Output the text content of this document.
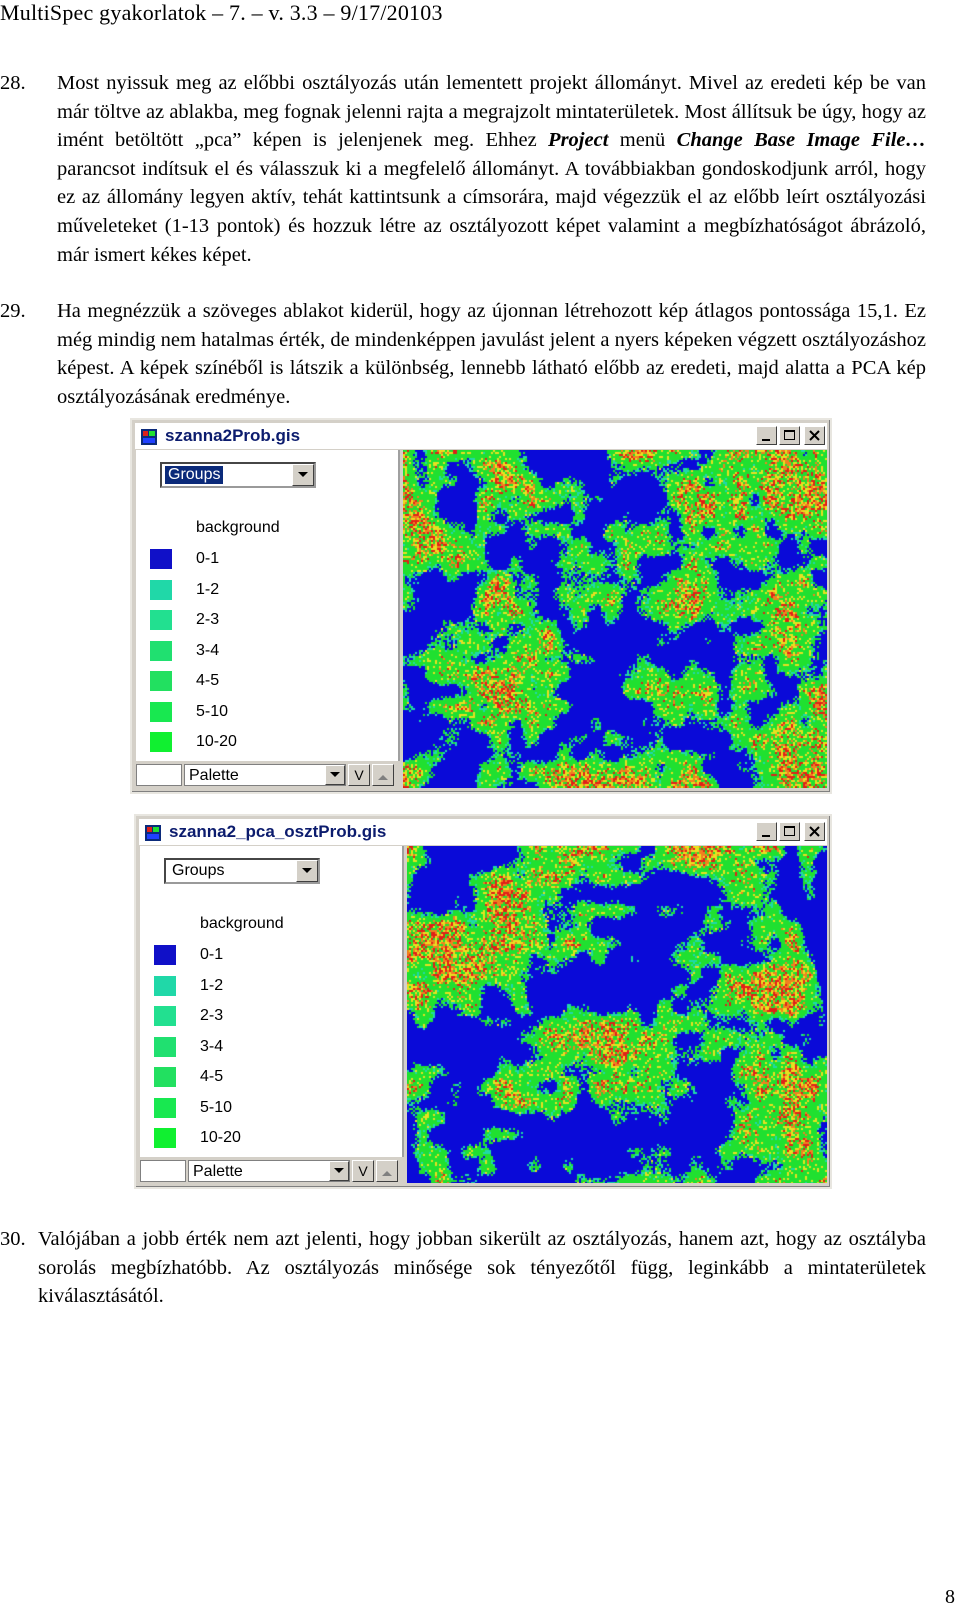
MultiSpec gyakorlatok – 7. – v. 3.3 – 9/17/20103
28. Most nyissuk meg az előbbi osztályozás után lementett projekt állományt. Mivel az eredeti kép be van már töltve az ablakba, meg fognak jelenni rajta a megrajzolt mintaterületek. Most állítsuk be úgy, hogy az imént betöltött „pca” képen is jelenjenek meg. Ehhez Project menü Change Base Image File… parancsot indítsuk el és válasszuk ki a megfelelő állományt. A továbbiakban gondoskodjunk arról, hogy ez az állomány legyen aktív, tehát kattintsunk a címsorára, majd végezzük el az előbb leírt osztályozási műveleteket (1-13 pontok) és hozzuk létre az osztályozott képet valamint a megbízhatóságot ábrázoló, már ismert kékes képet.
29. Ha megnézzük a szöveges ablakot kiderül, hogy az újonnan létrehozott kép átlagos pontossága 15,1. Ez még mindig nem hatalmas érték, de mindenképpen javulást jelent a nyers képeken végzett osztályozáshoz képest. A képek színéből is látszik a különbség, lennebb látható előbb az eredeti, majd alatta a PCA kép osztályozásának eredménye.
szanna2Prob.gis
Groups
background
0-1
1-2
2-3
3-4
4-5
5-10
10-20
Palette	V
szanna2_pca_osztProb.gis
Groups
background
0-1
1-2
2-3
3-4
4-5
5-10
10-20
Palette	V
30. Valójában a jobb érték nem azt jelenti, hogy jobban sikerült az osztályozás, hanem azt, hogy az osztályba sorolás megbízhatóbb. Az osztályozás minősége sok tényezőtől függ, leginkább a mintaterületek kiválasztásától.
8
